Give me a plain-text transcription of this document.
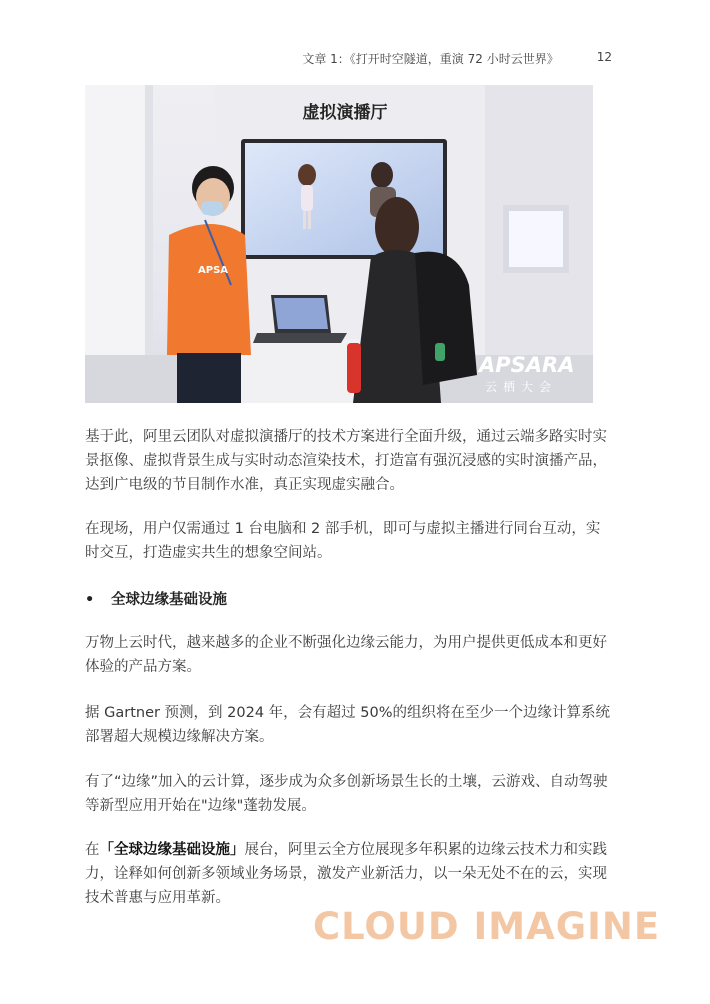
文章 1：《打开时空隧道，重演 72 小时云世界》	12
虚拟演播厅
APSA
APSARA
云栖大会

基于此，阿里云团队对虚拟演播厅的技术方案进行全面升级，通过云端多路实时实景抠像、虚拟背景生成与实时动态渲染技术，打造富有强沉浸感的实时演播产品，达到广电级的节目制作水准，真正实现虚实融合。

在现场，用户仅需通过 1 台电脑和 2 部手机，即可与虚拟主播进行同台互动，实时交互，打造虚实共生的想象空间站。

• 全球边缘基础设施

万物上云时代，越来越多的企业不断强化边缘云能力，为用户提供更低成本和更好体验的产品方案。

据 Gartner 预测，到 2024 年，会有超过 50%的组织将在至少一个边缘计算系统部署超大规模边缘解决方案。

有了“边缘”加入的云计算，逐步成为众多创新场景生长的土壤，云游戏、自动驾驶等新型应用开始在"边缘"蓬勃发展。

在「全球边缘基础设施」展台，阿里云全方位展现多年积累的边缘云技术力和实践力，诠释如何创新多领域业务场景，激发产业新活力，以一朵无处不在的云，实现技术普惠与应用革新。

CLOUD IMAGINE
